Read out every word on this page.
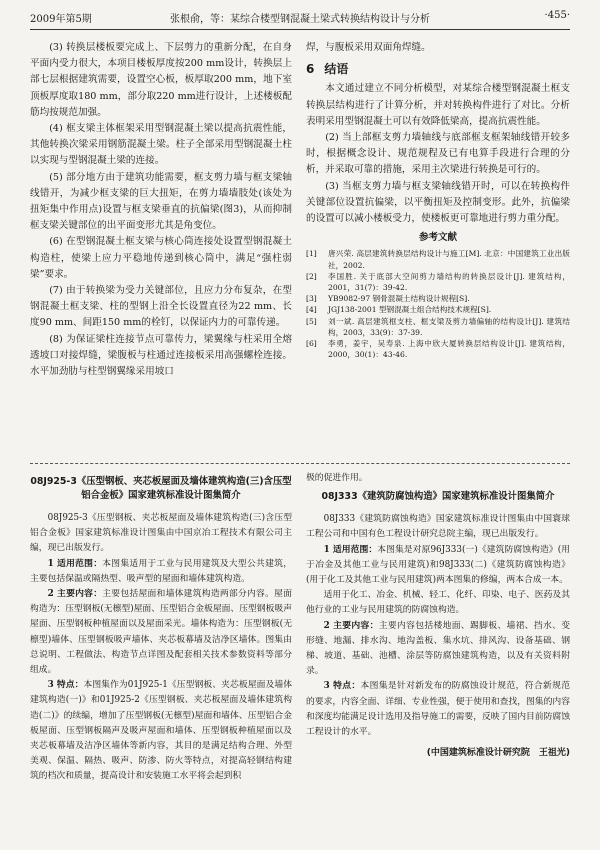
2009年第5期	张根俞，等：某综合楼型钢混凝土梁式转换结构设计与分析	·455·

(3) 转换层楼板要完成上、下层剪力的重新分配，在自身平面内受力很大，本项目楼板厚度按200 mm设计，转换层上部七层根据建筑需要，设置空心板，板厚取200 mm，地下室顶板厚度取180 mm，部分取220 mm进行设计，上述楼板配筋均按规范加强。

(4) 框支梁主体框架采用型钢混凝土梁以提高抗震性能，其他转换次梁采用钢筋混凝土梁。柱子全部采用型钢混凝土柱以实现与型钢混凝土梁的连接。

(5) 部分地方由于建筑功能需要，框支剪力墙与框支梁轴线错开，为减少框支梁的巨大扭矩，在剪力墙墙肢处(该处为扭矩集中作用点)设置与框支梁垂直的抗偏梁(图3)，从而抑制框支梁关键部位的出平面变形尤其是角变位。

(6) 在型钢混凝土框支梁与核心筒连接处设置型钢混凝土构造柱，使梁上应力平稳地传递到核心筒中，满足“强柱弱梁”要求。

(7) 由于转换梁为受力关键部位，且应力分布复杂，在型钢混凝土框支梁、柱的型钢上沿全长设置直径为22 mm、长度90 mm、间距150 mm的栓钉，以保证内力的可靠传递。

(8) 为保证梁柱连接节点可靠传力，梁翼缘与柱采用全熔透坡口对接焊缝，梁腹板与柱通过连接板采用高强螺栓连接。水平加劲肋与柱型钢翼缘采用坡口

焊，与腹板采用双面角焊缝。

6 结语

本文通过建立不同分析模型，对某综合楼型钢混凝土框支转换层结构进行了计算分析，并对转换构件进行了对比。分析表明采用型钢混凝土可以有效降低梁高，提高抗震性能。

(2) 当上部框支剪力墙轴线与底部框支框架轴线错开较多时，根据概念设计、规范规程及已有电算手段进行合理的分析，并采取可靠的措施，采用主次梁进行转换是可行的。

(3) 当框支剪力墙与框支梁轴线错开时，可以在转换构件关键部位设置抗偏梁，以平衡扭矩及控制变形。此外，抗偏梁的设置可以减小楼板受力，使楼板更可靠地进行剪力重分配。

参考文献
[1]	唐兴荣. 高层建筑转换层结构设计与施工[M]. 北京：中国建筑工业出版社，2002.
[2]	李国胜. 关于底部大空间剪力墙结构的转换层设计[J]. 建筑结构，2001，31(7)：39-42.
[3]	YB9082-97 钢骨混凝土结构设计规程[S].
[4]	JGJ138-2001 型钢混凝土组合结构技术规程[S].
[5]	刘一斌. 高层建筑框支柱、框支梁及剪力墙偏轴的结构设计[J]. 建筑结构，2003，33(9)：37-39.
[6]	李勇，姜宇，吴寿泉. 上海中欣大厦转换层结构设计[J]. 建筑结构，2000，30(1)：43-46.
08J925-3《压型钢板、夹芯板屋面及墙体建筑构造(三)含压型铝合金板》国家建筑标准设计图集简介

08J925-3《压型钢板、夹芯板屋面及墙体建筑构造(三)含压型铝合金板》国家建筑标准设计图集由中国京冶工程技术有限公司主编，现已出版发行。

1 适用范围：本图集适用于工业与民用建筑及大型公共建筑，主要包括保温或隔热型、吸声型的屋面和墙体建筑构造。

2 主要内容：主要包括屋面和墙体建筑构造两部分内容。屋面构造为：压型钢板(无檩型)屋面、压型铝合金板屋面、压型钢板吸声屋面、压型钢板种植屋面以及屋面采光。墙体构造为：压型钢板(无檩型)墙体、压型钢板吸声墙体、夹芯板幕墙及洁净区墙体。图集由总说明、工程做法、构造节点详图及配套相关技术参数资料等部分组成。

3 特点：本图集作为01J925-1《压型钢板、夹芯板屋面及墙体建筑构造(一)》和01J925-2《压型钢板、夹芯板屋面及墙体建筑构造(二)》的续编，增加了压型钢板(无檩型)屋面和墙体、压型铝合金板屋面、压型钢板隔声及吸声屋面和墙体、压型钢板种植屋面以及夹芯板幕墙及洁净区墙体等新内容，其目的是满足结构合理、外型美观、保温、隔热、吸声、防渗、防火等特点，对提高轻钢结构建筑的档次和质量，提高设计和安装施工水平将会起到积

极的促进作用。

08J333《建筑防腐蚀构造》国家建筑标准设计图集简介

08J333《建筑防腐蚀构造》国家建筑标准设计图集由中国寰球工程公司和中国有色工程设计研究总院主编，现已出版发行。

1 适用范围：本图集是对原96J333(一)《建筑防腐蚀构造》(用于冶金及其他工业与民用建筑)和98J333(二)《建筑防腐蚀构造》(用于化工及其他工业与民用建筑)两本图集的修编，两本合成一本。

适用于化工、冶金、机械、轻工、化纤、印染、电子、医药及其他行业的工业与民用建筑的防腐蚀构造。

2 主要内容：主要内容包括楼地面、踢脚板、墙裙、挡水、变形缝、地漏、排水沟、地沟盖板、集水坑、排风沟、设备基础、钢梯、坡道、基础、池槽、涂层等防腐蚀建筑构造，以及有关资料附录。

3 特点：本图集是针对新发布的防腐蚀设计规范，符合新规范的要求，内容全面、详细、专业性强，便于使用和查找，图集的内容和深度均能满足设计选用及指导施工的需要，反映了国内目前防腐蚀工程设计的水平。

(中国建筑标准设计研究院　王祖光)
